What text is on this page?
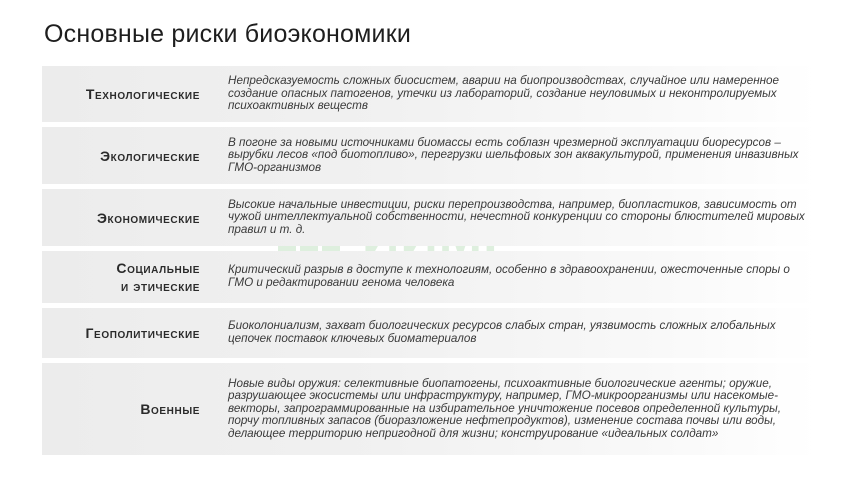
Основные риски биоэкономики
Технологические
Непредсказуемость сложных биосистем, аварии на биопроизводствах, случайное или намеренное создание опасных патогенов, утечки из лабораторий, создание неуловимых и неконтролируемых психоактивных веществ
Экологические
В погоне за новыми источниками биомассы есть соблазн чрезмерной эксплуатации биоресурсов – вырубки лесов «под биотопливо», перегрузки шельфовых зон аквакультурой, применения инвазивных ГМО-организмов
Экономические
Высокие начальные инвестиции, риски перепроизводства, например, биопластиков, зависимость от чужой интеллектуальной собственности, нечестной конкуренции со стороны блюстителей мировых правил и т. д.
Социальные
и этические
Критический разрыв в доступе к технологиям, особенно в здравоохранении, ожесточенные споры о ГМО и редактировании генома человека
Геополитические	Биоколониализм, захват биологических ресурсов слабых стран, уязвимость сложных глобальных цепочек поставок ключевых биоматериалов
Военные
Новые виды оружия: селективные биопатогены, психоактивные биологические агенты; оружие, разрушающее экосистемы или инфраструктуру, например, ГМО-микроорганизмы или насекомые-векторы, запрограммированные на избирательное уничтожение посевов определенной культуры, порчу топливных запасов (биоразложение нефтепродуктов), изменение состава почвы или воды, делающее территорию непригодной для жизни; конструирование «идеальных солдат»
